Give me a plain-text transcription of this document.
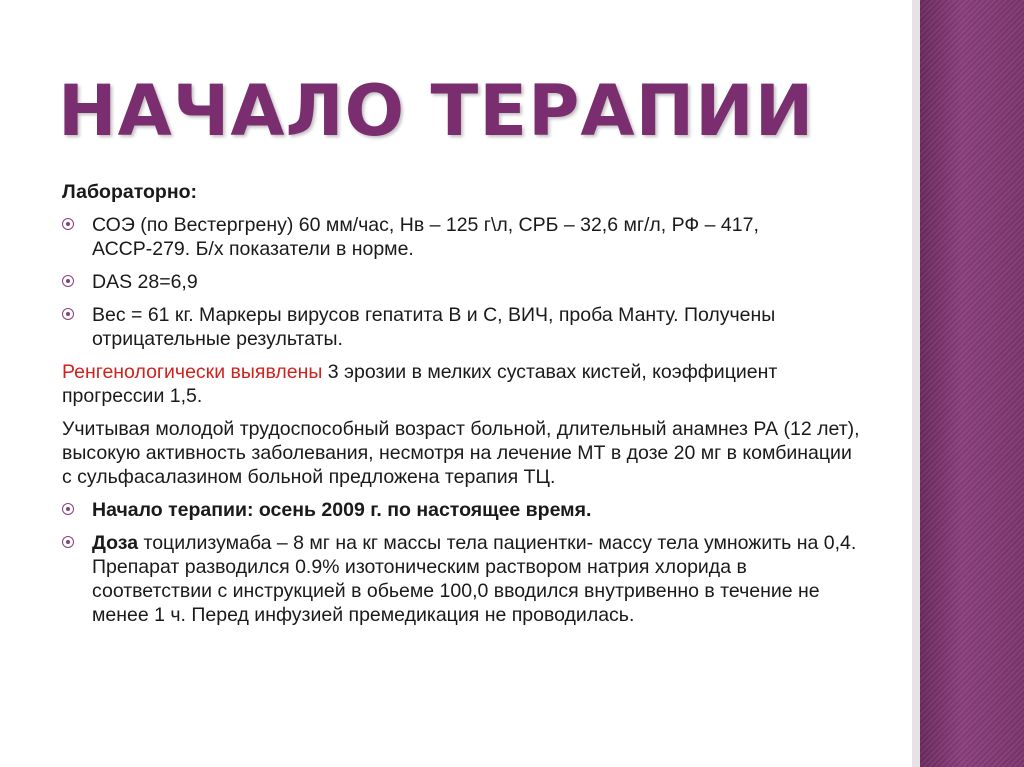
НАЧАЛО ТЕРАПИИ

Лабораторно:

СОЭ (по Вестергрену) 60 мм/час, Нв – 125 г\л, СРБ – 32,6 мг/л, РФ – 417, АССР-279. Б/х показатели в норме.
DAS 28=6,9
Вес = 61 кг. Маркеры вирусов гепатита В и С, ВИЧ, проба Манту. Получены отрицательные результаты.

Ренгенологически выявлены 3 эрозии в мелких суставах кистей, коэффициент прогрессии 1,5.

Учитывая молодой трудоспособный возраст больной, длительный анамнез РА (12 лет), высокую активность заболевания, несмотря на лечение МТ в дозе 20 мг в комбинации с сульфасалазином больной предложена терапия ТЦ.

Начало терапии: осень 2009 г. по настоящее время.
Доза тоцилизумаба – 8 мг на кг массы тела пациентки- массу тела умножить на 0,4. Препарат разводился 0.9% изотоническим раствором натрия хлорида в соответствии с инструкцией в обьеме 100,0 вводился внутривенно в течение не менее 1 ч. Перед инфузией премедикация не проводилась.
